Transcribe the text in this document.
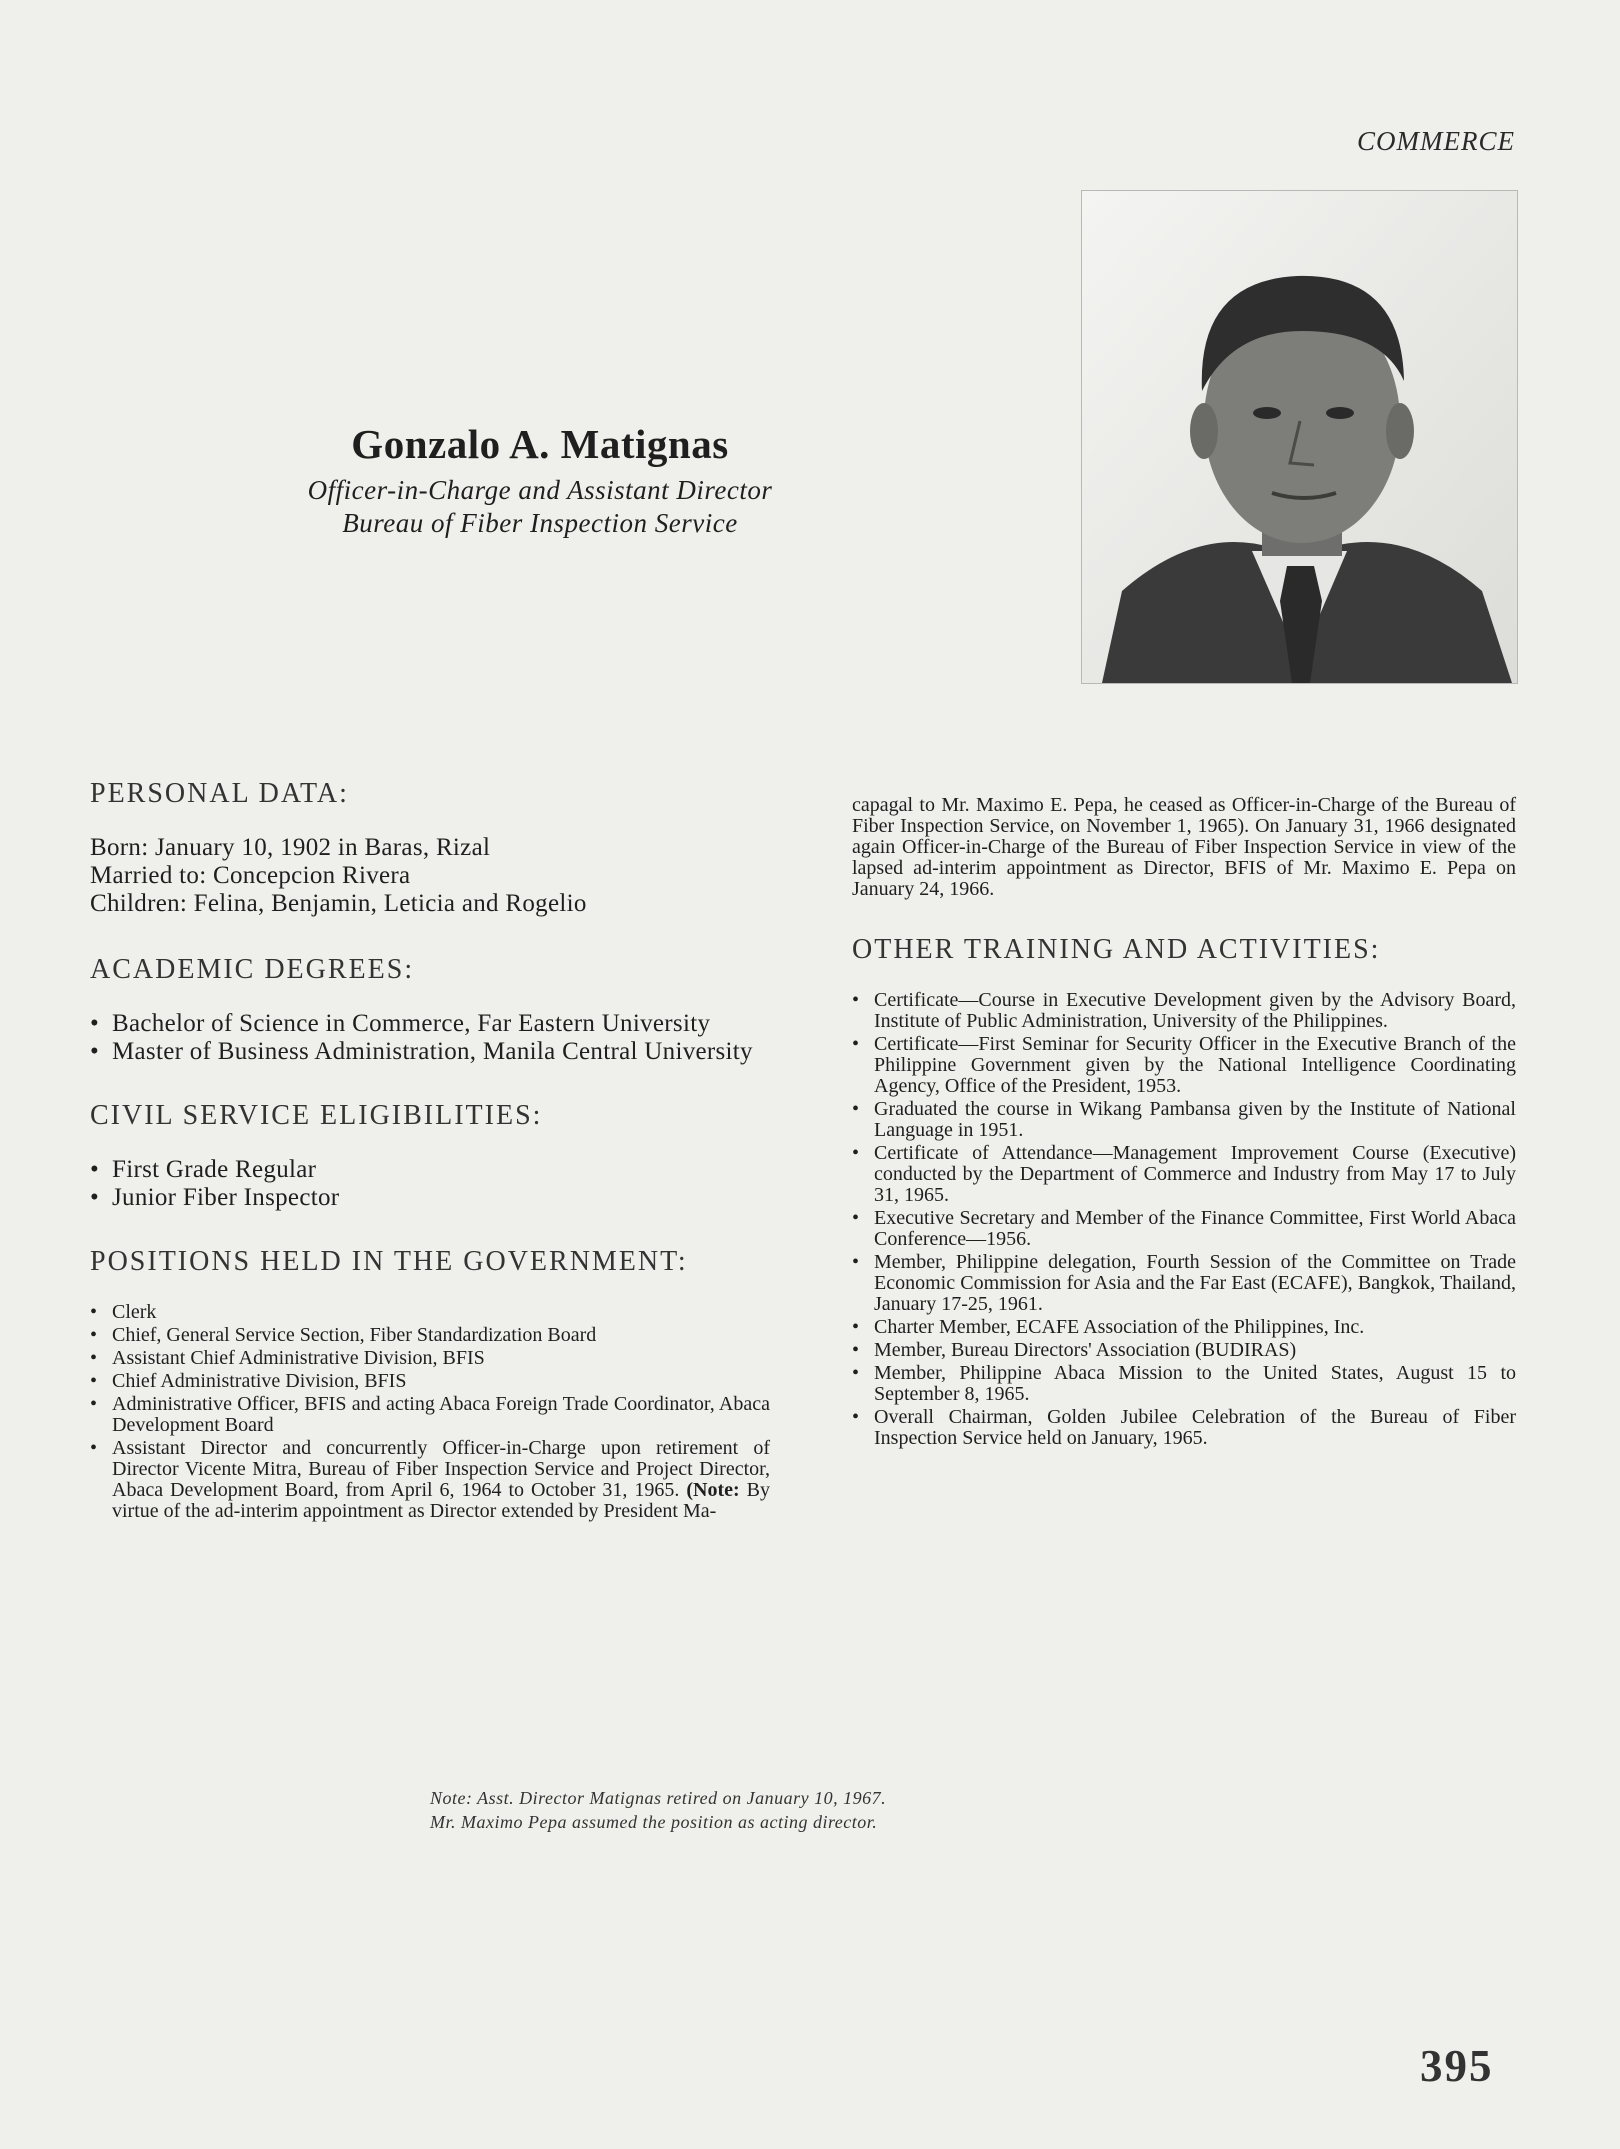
COMMERCE
Gonzalo A. Matignas
Officer-in-Charge and Assistant Director
Bureau of Fiber Inspection Service
PERSONAL DATA:

Born: January 10, 1902 in Baras, Rizal

Married to: Concepcion Rivera

Children: Felina, Benjamin, Leticia and Rogelio

ACADEMIC DEGREES:
• Bachelor of Science in Commerce, Far Eastern University
• Master of Business Administration, Manila Central University
CIVIL SERVICE ELIGIBILITIES:
• First Grade Regular
• Junior Fiber Inspector
POSITIONS HELD IN THE GOVERNMENT:
• Clerk
• Chief, General Service Section, Fiber Standardization Board
• Assistant Chief Administrative Division, BFIS
• Chief Administrative Division, BFIS
• Administrative Officer, BFIS and acting Abaca Foreign Trade Coordinator, Abaca Development Board
• Assistant Director and concurrently Officer-in-Charge upon retirement of Director Vicente Mitra, Bureau of Fiber Inspection Service and Project Director, Abaca Development Board, from April 6, 1964 to October 31, 1965. (Note: By virtue of the ad-interim appointment as Director extended by President Ma-

capagal to Mr. Maximo E. Pepa, he ceased as Officer-in-Charge of the Bureau of Fiber Inspection Service, on November 1, 1965). On January 31, 1966 designated again Officer-in-Charge of the Bureau of Fiber Inspection Service in view of the lapsed ad-interim appointment as Director, BFIS of Mr. Maximo E. Pepa on January 24, 1966.

OTHER TRAINING AND ACTIVITIES:
• Certificate—Course in Executive Development given by the Advisory Board, Institute of Public Administration, University of the Philippines.
• Certificate—First Seminar for Security Officer in the Executive Branch of the Philippine Government given by the National Intelligence Coordinating Agency, Office of the President, 1953.
• Graduated the course in Wikang Pambansa given by the Institute of National Language in 1951.
• Certificate of Attendance—Management Improvement Course (Executive) conducted by the Department of Commerce and Industry from May 17 to July 31, 1965.
• Executive Secretary and Member of the Finance Committee, First World Abaca Conference—1956.
• Member, Philippine delegation, Fourth Session of the Committee on Trade Economic Commission for Asia and the Far East (ECAFE), Bangkok, Thailand, January 17-25, 1961.
• Charter Member, ECAFE Association of the Philippines, Inc.
• Member, Bureau Directors' Association (BUDIRAS)
• Member, Philippine Abaca Mission to the United States, August 15 to September 8, 1965.
• Overall Chairman, Golden Jubilee Celebration of the Bureau of Fiber Inspection Service held on January, 1965.
Note: Asst. Director Matignas retired on January 10, 1967.
Mr. Maximo Pepa assumed the position as acting director.
395
